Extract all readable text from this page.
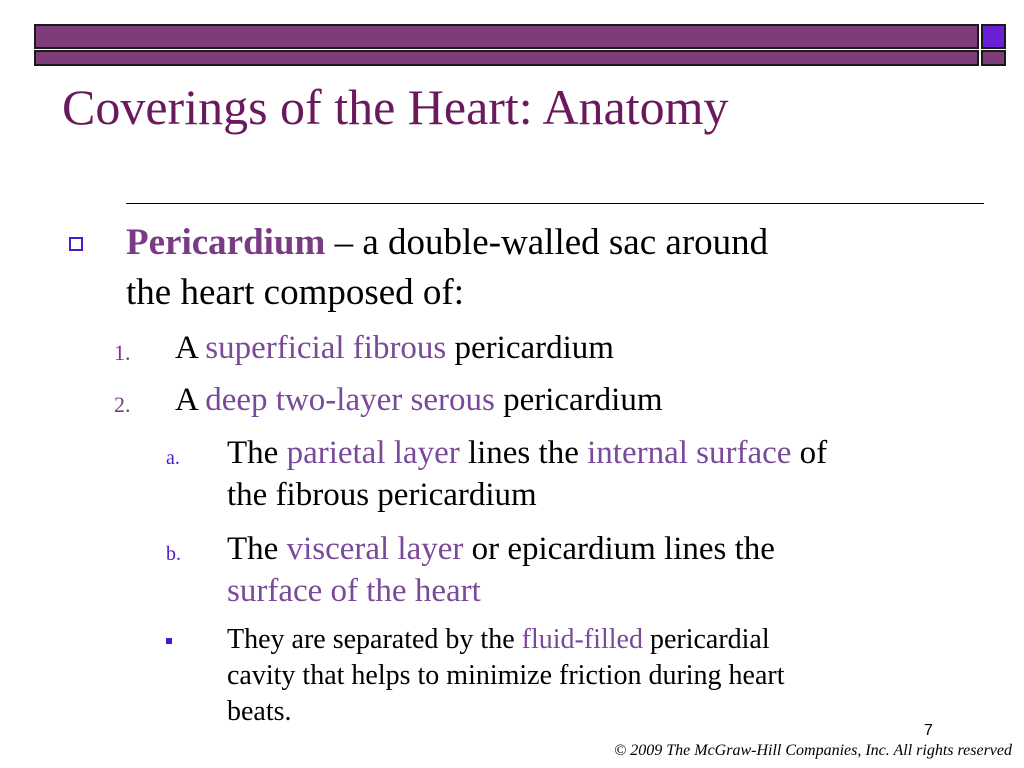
Coverings of the Heart: Anatomy
Pericardium – a double-walled sac around
the heart composed of:
1. A superficial fibrous pericardium
2. A deep two-layer serous pericardium
a. The parietal layer lines the internal surface of
the fibrous pericardium
b. The visceral layer or epicardium lines the
surface of the heart
They are separated by the fluid-filled pericardial
cavity that helps to minimize friction during heart
beats.
7
© 2009 The McGraw-Hill Companies, Inc. All rights reserved
